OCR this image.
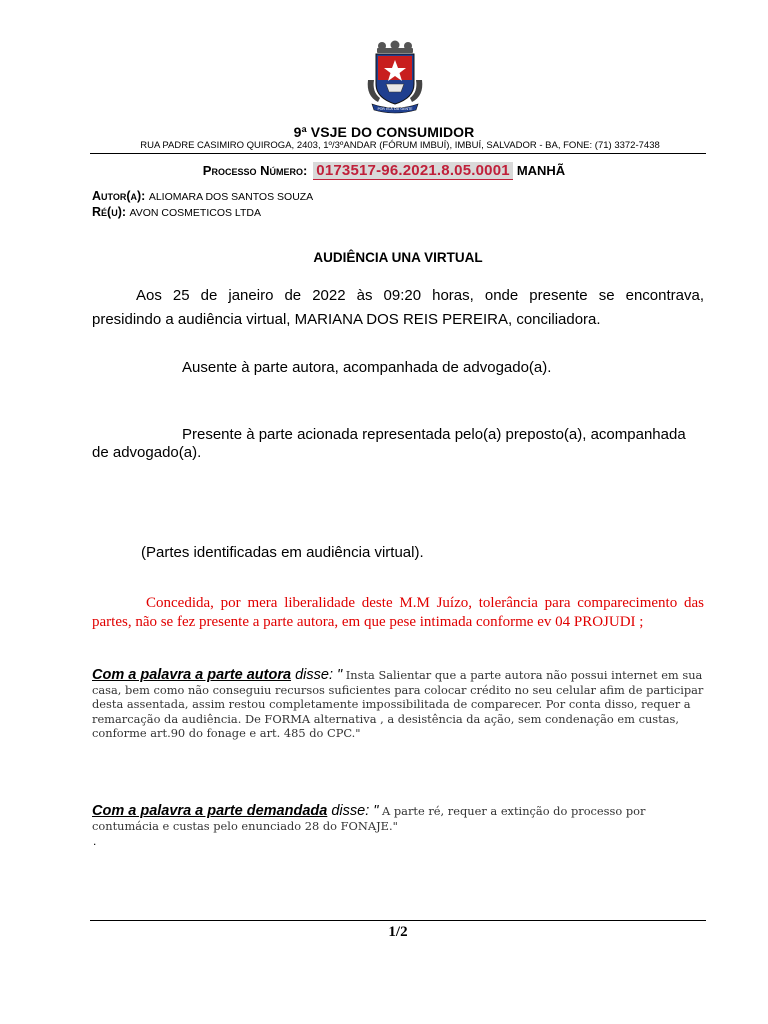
POR ELA DA GENTE
9ª VSJE DO CONSUMIDOR
RUA PADRE CASIMIRO QUIROGA, 2403, 1º/3ºANDAR (FÓRUM IMBUÍ), IMBUÍ, SALVADOR - BA, FONE: (71) 3372-7438
Processo Número: 0173517-96.2021.8.05.0001 MANHÃ
Autor(a): ALIOMARA DOS SANTOS SOUZA
Ré(u): AVON COSMETICOS LTDA
AUDIÊNCIA UNA VIRTUAL
Aos 25 de janeiro de 2022 às 09:20 horas, onde presente se encontrava,
presidindo a audiência virtual, MARIANA DOS REIS PEREIRA, conciliadora.
Ausente à parte autora, acompanhada de advogado(a).
Presente à parte acionada representada pelo(a) preposto(a), acompanhada de advogado(a).
(Partes identificadas em audiência virtual).
Concedida, por mera liberalidade deste M.M Juízo, tolerância para comparecimento das partes, não se fez presente a parte autora, em que pese intimada conforme ev 04 PROJUDI ;
Com a palavra a parte autora disse: " Insta Salientar que a parte autora não possui internet em sua casa, bem como não conseguiu recursos suficientes para colocar crédito no seu celular afim de participar desta assentada, assim restou completamente impossibilitada de comparecer. Por conta disso, requer a remarcação da audiência. De FORMA alternativa , a desistência da ação, sem condenação em custas, conforme art.90 do fonage e art. 485 do CPC."
Com a palavra a parte demandada disse: " A parte ré, requer a extinção do processo por contumácia e custas pelo enunciado 28 do FONAJE."
.
1/2
